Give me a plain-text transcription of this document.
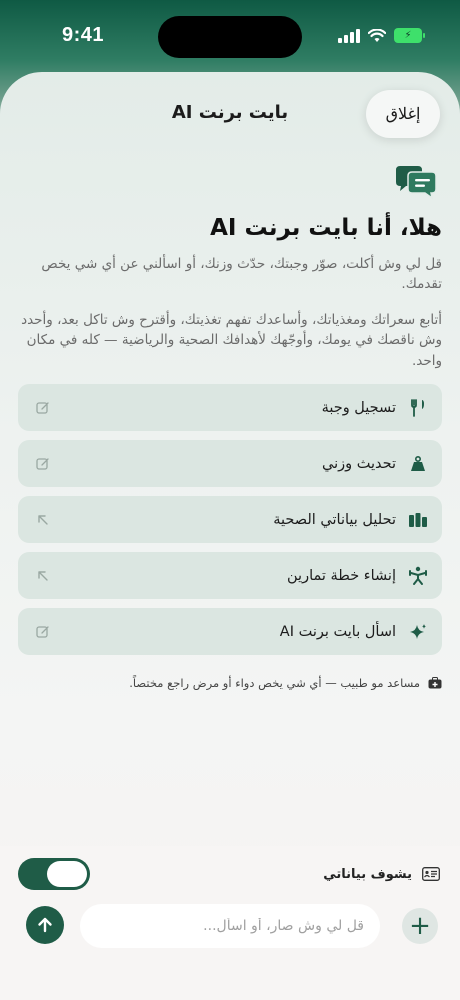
9:41	⚡
إغلاق
بايت برنت AI
هلا، أنا بايت برنت AI
قل لي وش أكلت، صوّر وجبتك، حدّث وزنك، أو اسألني عن أي شي يخص تقدمك.
أتابع سعراتك ومغذياتك، وأساعدك تفهم تغذيتك، وأقترح وش تاكل بعد، وأحدد وش ناقصك في يومك، وأوجّهك لأهدافك الصحية والرياضية — كله في مكان واحد.
تسجيل وجبة
تحديث وزني
تحليل بياناتي الصحية
إنشاء خطة تمارين
اسأل بايت برنت AI
مساعد مو طبيب — أي شي يخص دواء أو مرض راجع مختصاً.
يشوف بياناتي
+
قل لي وش صار، أو اسأل...
